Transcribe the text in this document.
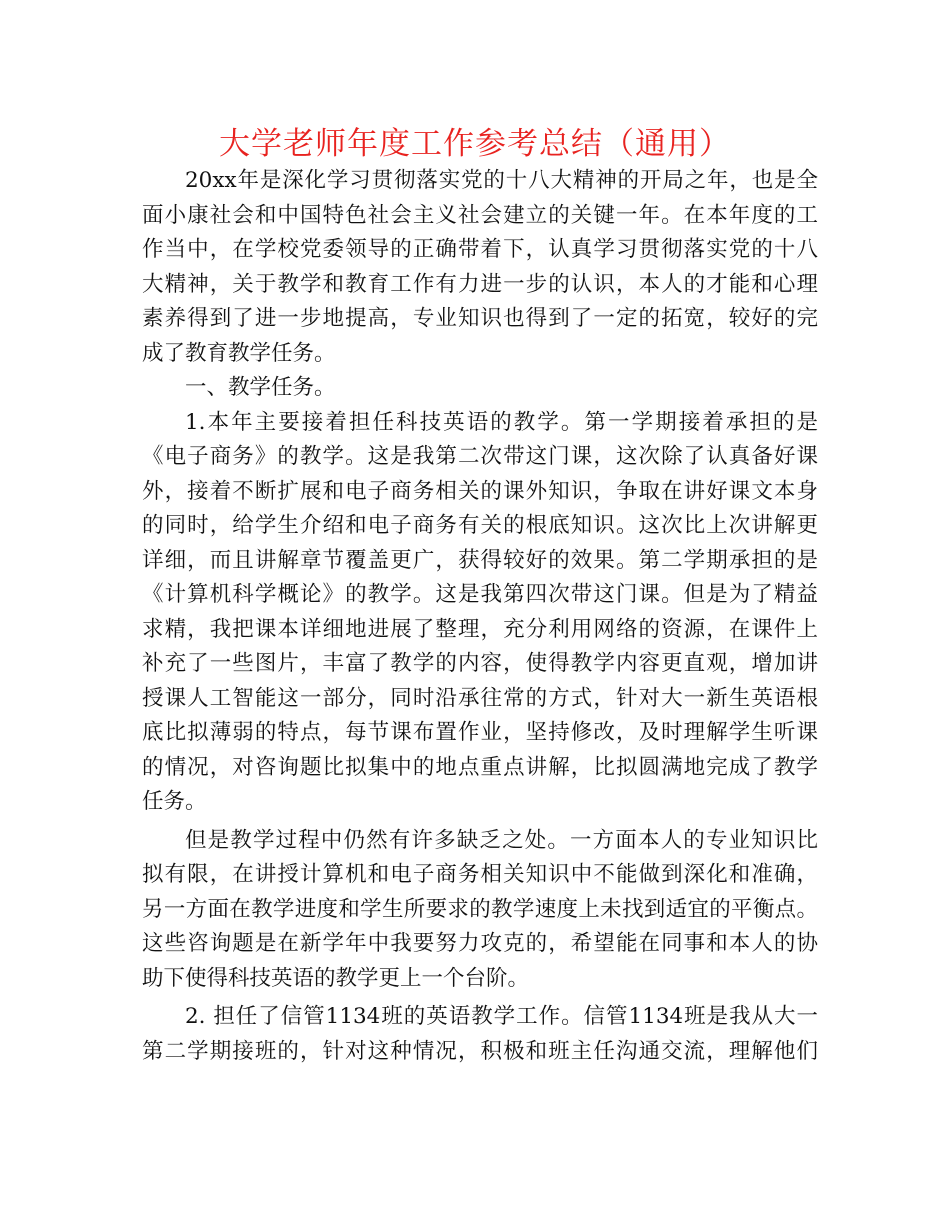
大学老师年度工作参考总结（通用）
20xx年是深化学习贯彻落实党的十八大精神的开局之年，也是全
面小康社会和中国特色社会主义社会建立的关键一年。在本年度的工
作当中，在学校党委领导的正确带着下，认真学习贯彻落实党的十八
大精神，关于教学和教育工作有力进一步的认识，本人的才能和心理
素养得到了进一步地提高，专业知识也得到了一定的拓宽，较好的完
成了教育教学任务。
一、教学任务。
1.本年主要接着担任科技英语的教学。第一学期接着承担的是
《电子商务》的教学。这是我第二次带这门课，这次除了认真备好课
外，接着不断扩展和电子商务相关的课外知识，争取在讲好课文本身
的同时，给学生介绍和电子商务有关的根底知识。这次比上次讲解更
详细，而且讲解章节覆盖更广，获得较好的效果。第二学期承担的是
《计算机科学概论》的教学。这是我第四次带这门课。但是为了精益
求精，我把课本详细地进展了整理，充分利用网络的资源，在课件上
补充了一些图片，丰富了教学的内容，使得教学内容更直观，增加讲
授课人工智能这一部分，同时沿承往常的方式，针对大一新生英语根
底比拟薄弱的特点，每节课布置作业，坚持修改，及时理解学生听课
的情况，对咨询题比拟集中的地点重点讲解，比拟圆满地完成了教学
任务。
但是教学过程中仍然有许多缺乏之处。一方面本人的专业知识比
拟有限，在讲授计算机和电子商务相关知识中不能做到深化和准确，
另一方面在教学进度和学生所要求的教学速度上未找到适宜的平衡点。
这些咨询题是在新学年中我要努力攻克的，希望能在同事和本人的协
助下使得科技英语的教学更上一个台阶。
2. 担任了信管1134班的英语教学工作。信管1134班是我从大一
第二学期接班的，针对这种情况，积极和班主任沟通交流，理解他们
